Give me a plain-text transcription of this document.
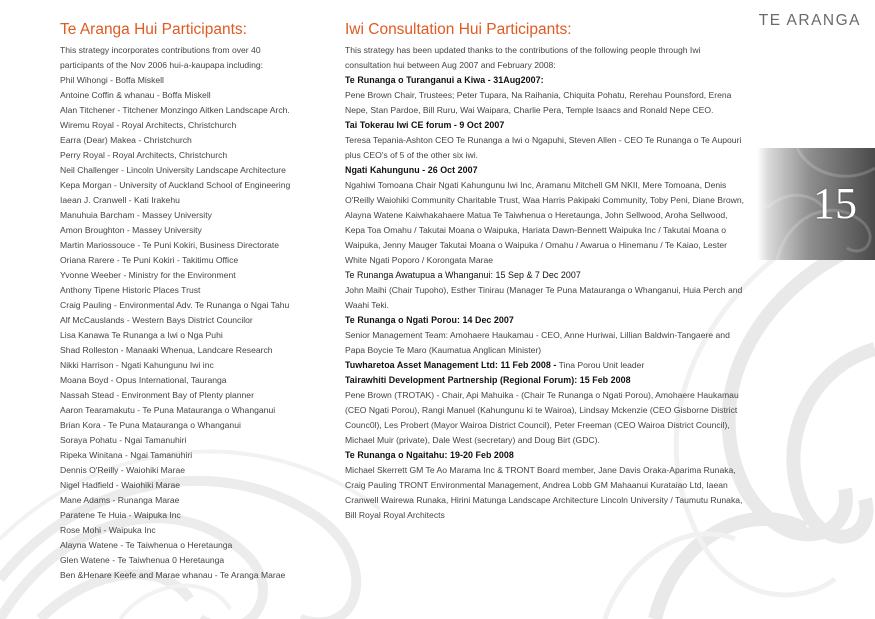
TE ARANGA
15
Te Aranga Hui Participants:
This strategy incorporates contributions from over 40
participants of the Nov 2006 hui-a-kaupapa including:
Phil Wihongi - Boffa Miskell
Antoine Coffin & whanau - Boffa Miskell
Alan Titchener - Titchener Monzingo Aitken Landscape Arch.
Wiremu Royal - Royal Architects, Christchurch
Earra (Dear) Makea - Christchurch
Perry Royal - Royal Architects, Christchurch
Neil Challenger - Lincoln University Landscape Architecture
Kepa Morgan - University of Auckland School of Engineering
Iaean J. Cranwell - Kati Irakehu
Manuhuia Barcham - Massey University
Amon Broughton - Massey University
Martin Mariossouce - Te Puni Kokiri, Business Directorate
Oriana Rarere - Te Puni Kokiri - Takitimu Office
Yvonne Weeber - Ministry for the Environment
Anthony Tipene Historic Places Trust
Craig Pauling - Environmental Adv. Te Runanga o Ngai Tahu
Alf McCauslands - Western Bays District Councilor
Lisa Kanawa Te Runanga a Iwi o Nga Puhi
Shad Rolleston - Manaaki Whenua, Landcare Research
Nikki Harrison - Ngati Kahungunu Iwi inc
Moana Boyd - Opus International, Tauranga
Nassah Stead - Environment Bay of Plenty planner
Aaron Tearamakutu - Te Puna Matauranga o Whanganui
Brian Kora - Te Puna Matauranga o Whanganui
Soraya Pohatu - Ngai Tamanuhiri
Ripeka Winitana - Ngai Tamanuhiri
Dennis O'Reilly - Waiohiki Marae
Nigel Hadfield - Waiohiki Marae
Mane Adams - Runanga Marae
Paratene Te Huia - Waipuka Inc
Rose Mohi - Waipuka Inc
Alayna Watene - Te Taiwhenua o Heretaunga
Glen Watene - Te Taiwhenua 0 Heretaunga
Ben &Henare Keefe and Marae whanau - Te Aranga Marae
Iwi Consultation Hui Participants:
This strategy has been updated thanks to the contributions of the following people through Iwi consultation hui between Aug 2007 and February 2008:
Te Runanga o Turanganui a Kiwa - 31Aug2007:
Pene Brown Chair, Trustees; Peter Tupara, Na Raihania, Chiquita Pohatu, Rerehau Pounsford, Erena Nepe, Stan Pardoe, Bill Ruru, Wai Waipara, Charlie Pera, Temple Isaacs and Ronald Nepe CEO.
Tai Tokerau Iwi CE forum - 9 Oct 2007
Teresa Tepania-Ashton CEO Te Runanga a Iwi o Ngapuhi, Steven Allen - CEO Te Runanga o Te Aupouri plus CEO's of 5 of the other six iwi.
Ngati Kahungunu - 26 Oct 2007
Ngahiwi Tomoana Chair Ngati Kahungunu Iwi Inc, Aramanu Mitchell GM NKII, Mere Tomoana, Denis O'Reilly Waiohiki Community Charitable Trust, Waa Harris Pakipaki Community, Toby Peni, Diane Brown, Alayna Watene Kaiwhakahaere Matua Te Taiwhenua o Heretaunga, John Sellwood, Aroha Sellwood, Kepa Toa Omahu / Takutai Moana o Waipuka, Hariata Dawn-Bennett Waipuka Inc / Takutai Moana o Waipuka, Jenny Mauger Takutai Moana o Waipuka / Omahu / Awarua o Hinemanu / Te Kaiao, Lester White Ngati Poporo / Korongata Marae
Te Runanga Awatupua a Whanganui: 15 Sep & 7 Dec 2007
John Maihi (Chair Tupoho), Esther Tinirau (Manager Te Puna Matauranga o Whanganui, Huia Perch and Waahi Teki.
Te Runanga o Ngati Porou: 14 Dec 2007
Senior Management Team: Amohaere Haukamau - CEO, Anne Huriwai, Lillian Baldwin-Tangaere and Papa Boycie Te Maro (Kaumatua Anglican Minister)
Tuwharetoa Asset Management Ltd: 11 Feb 2008 - Tina Porou Unit leader
Tairawhiti Development Partnership (Regional Forum): 15 Feb 2008
Pene Brown (TROTAK) - Chair, Api Mahuika - (Chair Te Runanga o Ngati Porou), Amohaere Haukamau (CEO Ngati Porou), Rangi Manuel (Kahungunu ki te Wairoa), Lindsay Mckenzie (CEO Gisborne District Counc0l), Les Probert (Mayor Wairoa District Council), Peter Freeman (CEO Wairoa District Council), Michael Muir (private), Dale West (secretary) and Doug Birt (GDC).
Te Runanga o Ngaitahu: 19-20 Feb 2008
Michael Skerrett GM Te Ao Marama Inc & TRONT Board member, Jane Davis Oraka-Aparima Runaka, Craig Pauling TRONT Environmental Management, Andrea Lobb GM Mahaanui Kurataiao Ltd, Iaean Cranwell Wairewa Runaka, Hirini Matunga Landscape Architecture Lincoln University / Taumutu Runaka, Bill Royal Royal Architects
